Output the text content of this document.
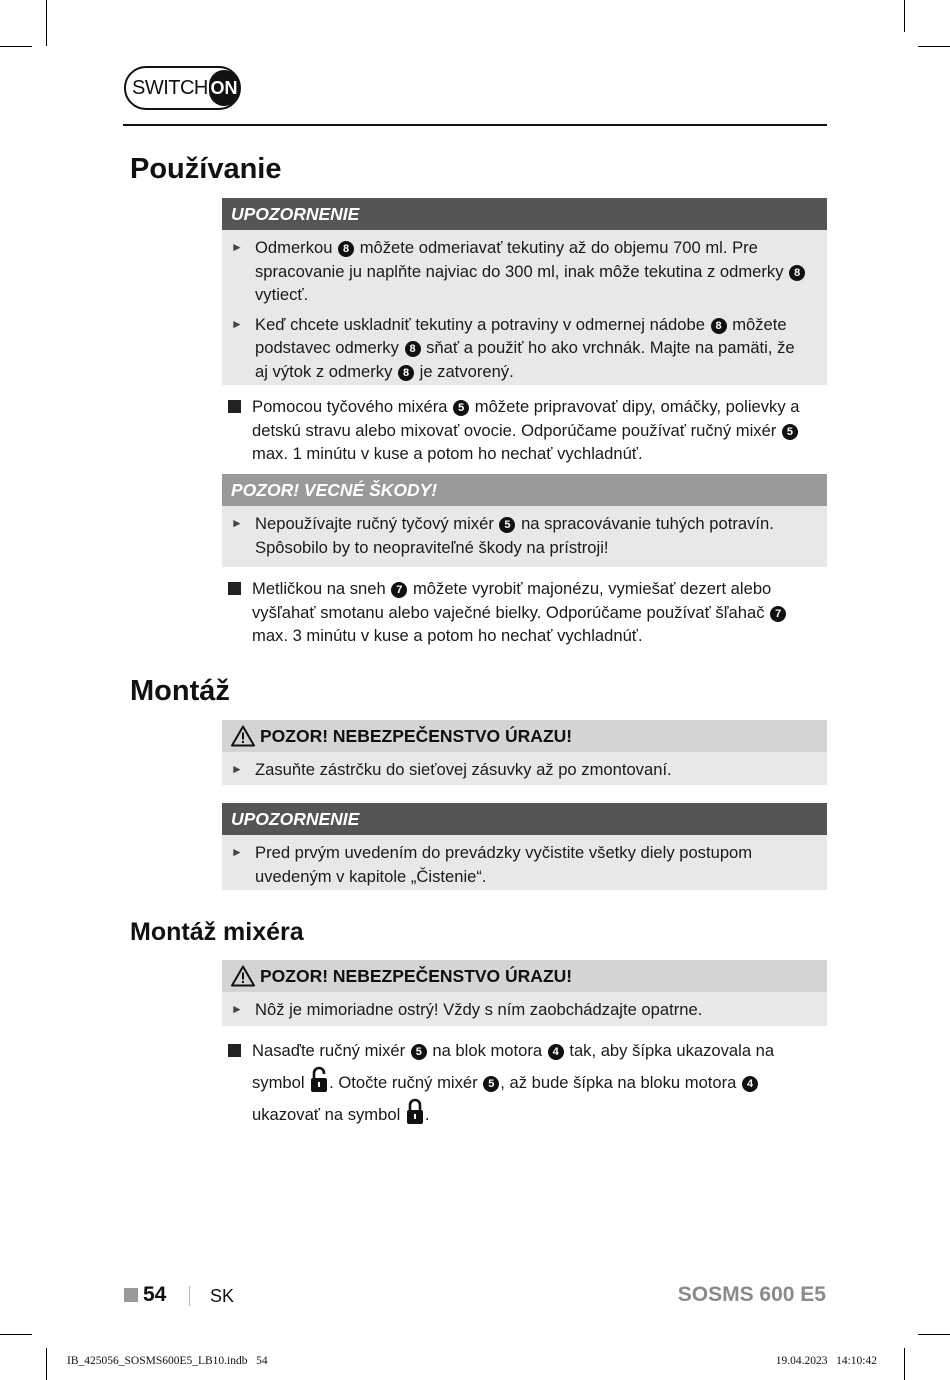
SWITCH ON
Používanie
UPOZORNENIE
► Odmerkou 8 môžete odmeriavať tekutiny až do objemu 700 ml. Pre spracovanie ju naplňte najviac do 300 ml, inak môže tekutina z odmerky 8 vytiecť.
► Keď chcete uskladniť tekutiny a potraviny v odmernej nádobe 8 môžete podstavec odmerky 8 sňať a použiť ho ako vrchnák. Majte na pamäti, že aj výtok z odmerky 8 je zatvorený.
Pomocou tyčového mixéra 5 môžete pripravovať dipy, omáčky, polievky a detskú stravu alebo mixovať ovocie. Odporúčame používať ručný mixér 5 max. 1 minútu v kuse a potom ho nechať vychladnúť.
POZOR! VECNÉ ŠKODY!
► Nepoužívajte ručný tyčový mixér 5 na spracovávanie tuhých potravín. Spôsobilo by to neopraviteľné škody na prístroji!
Metličkou na sneh 7 môžete vyrobiť majonézu, vymiešať dezert alebo vyšľahať smotanu alebo vaječné bielky. Odporúčame používať šľahač 7 max. 3 minútu v kuse a potom ho nechať vychladnúť.
Montáž
POZOR! NEBEZPEČENSTVO ÚRAZU!
► Zasuňte zástrčku do sieťovej zásuvky až po zmontovaní.
UPOZORNENIE
► Pred prvým uvedením do prevádzky vyčistite všetky diely postupom uvedeným v kapitole „Čistenie“.
Montáž mixéra
POZOR! NEBEZPEČENSTVO ÚRAZU!
► Nôž je mimoriadne ostrý! Vždy s ním zaobchádzajte opatrne.
Nasaďte ručný mixér 5 na blok motora 4 tak, aby šípka ukazovala na symbol . Otočte ručný mixér 5 , až bude šípka na bloku motora 4 ukazovať na symbol .
54 SK	SOSMS 600 E5
IB_425056_SOSMS600E5_LB10.indb   54	19.04.2023   14:10:42
